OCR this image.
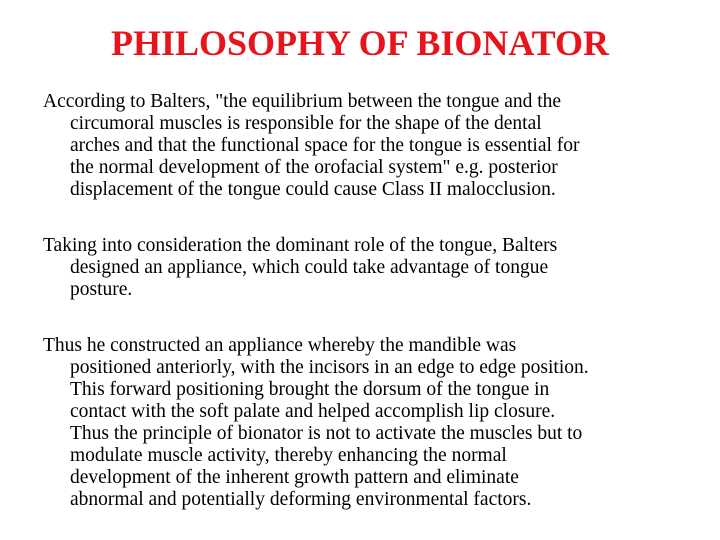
PHILOSOPHY OF BIONATOR
According to Balters, "the equilibrium between the tongue and the
circumoral muscles is responsible for the shape of the dental
arches and that the functional space for the tongue is essential for
the normal development of the orofacial system" e.g. posterior
displacement of the tongue could cause Class II malocclusion.
Taking into consideration the dominant role of the tongue, Balters
designed an appliance, which could take advantage of tongue
posture.
Thus he constructed an appliance whereby the mandible was
positioned anteriorly, with the incisors in an edge to edge position.
This forward positioning brought the dorsum of the tongue in
contact with the soft palate and helped accomplish lip closure.
Thus the principle of bionator is not to activate the muscles but to
modulate muscle activity, thereby enhancing the normal
development of the inherent growth pattern and eliminate
abnormal and potentially deforming environmental factors.
